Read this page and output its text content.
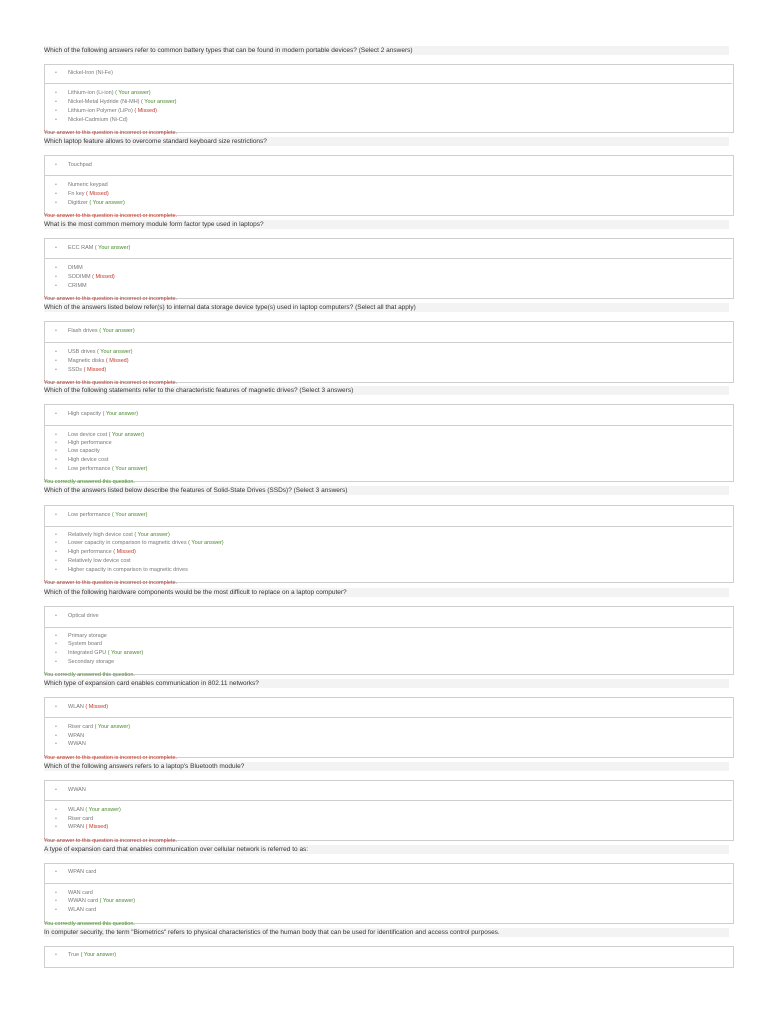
Which of the following answers refer to common battery types that can be found in modern portable devices? (Select 2 answers)
• Nickel-Iron (Ni-Fe)
• Lithium-ion (Li-ion) ( Your answer)
• Nickel-Metal Hydride (Ni-MH) ( Your answer)
• Lithium-ion Polymer (LiPo) ( Missed)
• Nickel-Cadmium (Ni-Cd)
Your answer to this question is incorrect or incomplete.
Which laptop feature allows to overcome standard keyboard size restrictions?
• Touchpad
• Numeric keypad
• Fn key ( Missed)
• Digitizer ( Your answer)
Your answer to this question is incorrect or incomplete.
What is the most common memory module form factor type used in laptops?
• ECC RAM ( Your answer)
• DIMM
• SODIMM ( Missed)
• CRIMM
Your answer to this question is incorrect or incomplete.
Which of the answers listed below refer(s) to internal data storage device type(s) used in laptop computers? (Select all that apply)
• Flash drives ( Your answer)
• USB drives ( Your answer)
• Magnetic disks ( Missed)
• SSDs ( Missed)
Your answer to this question is incorrect or incomplete.
Which of the following statements refer to the characteristic features of magnetic drives? (Select 3 answers)
• High capacity ( Your answer)
• Low device cost ( Your answer)
• High performance
• Low capacity
• High device cost
• Low performance ( Your answer)
You correctly answered this question.
Which of the answers listed below describe the features of Solid-State Drives (SSDs)? (Select 3 answers)
• Low performance ( Your answer)
• Relatively high device cost ( Your answer)
• Lower capacity in comparison to magnetic drives ( Your answer)
• High performance ( Missed)
• Relatively low device cost
• Higher capacity in comparison to magnetic drives
Your answer to this question is incorrect or incomplete.
Which of the following hardware components would be the most difficult to replace on a laptop computer?
• Optical drive
• Primary storage
• System board
• Integrated GPU ( Your answer)
• Secondary storage
You correctly answered this question.
Which type of expansion card enables communication in 802.11 networks?
• WLAN ( Missed)
• Riser card ( Your answer)
• WPAN
• WWAN
Your answer to this question is incorrect or incomplete.
Which of the following answers refers to a laptop's Bluetooth module?
• WWAN
• WLAN ( Your answer)
• Riser card
• WPAN ( Missed)
Your answer to this question is incorrect or incomplete.
A type of expansion card that enables communication over cellular network is referred to as:
• WPAN card
• WAN card
• WWAN card ( Your answer)
• WLAN card
You correctly answered this question.
In computer security, the term "Biometrics" refers to physical characteristics of the human body that can be used for identification and access control purposes.
• True ( Your answer)
